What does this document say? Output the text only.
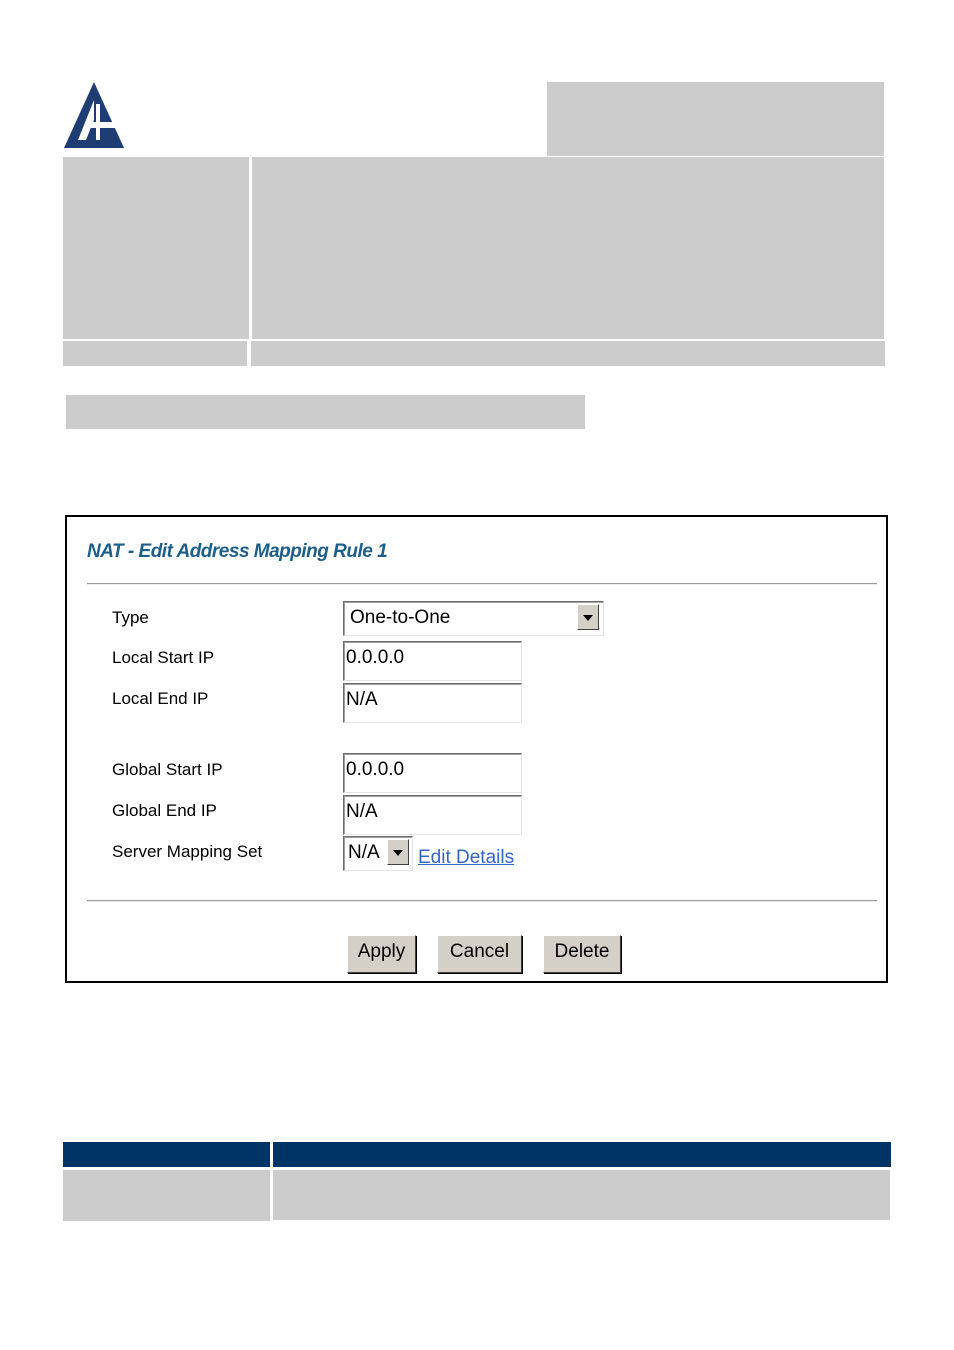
NAT - Edit Address Mapping Rule 1
Type	One-to-One
Local Start IP	0.0.0.0
Local End IP	N/A
Global Start IP	0.0.0.0
Global End IP	N/A
Server Mapping Set	N/A Edit Details
Apply	Cancel	Delete
